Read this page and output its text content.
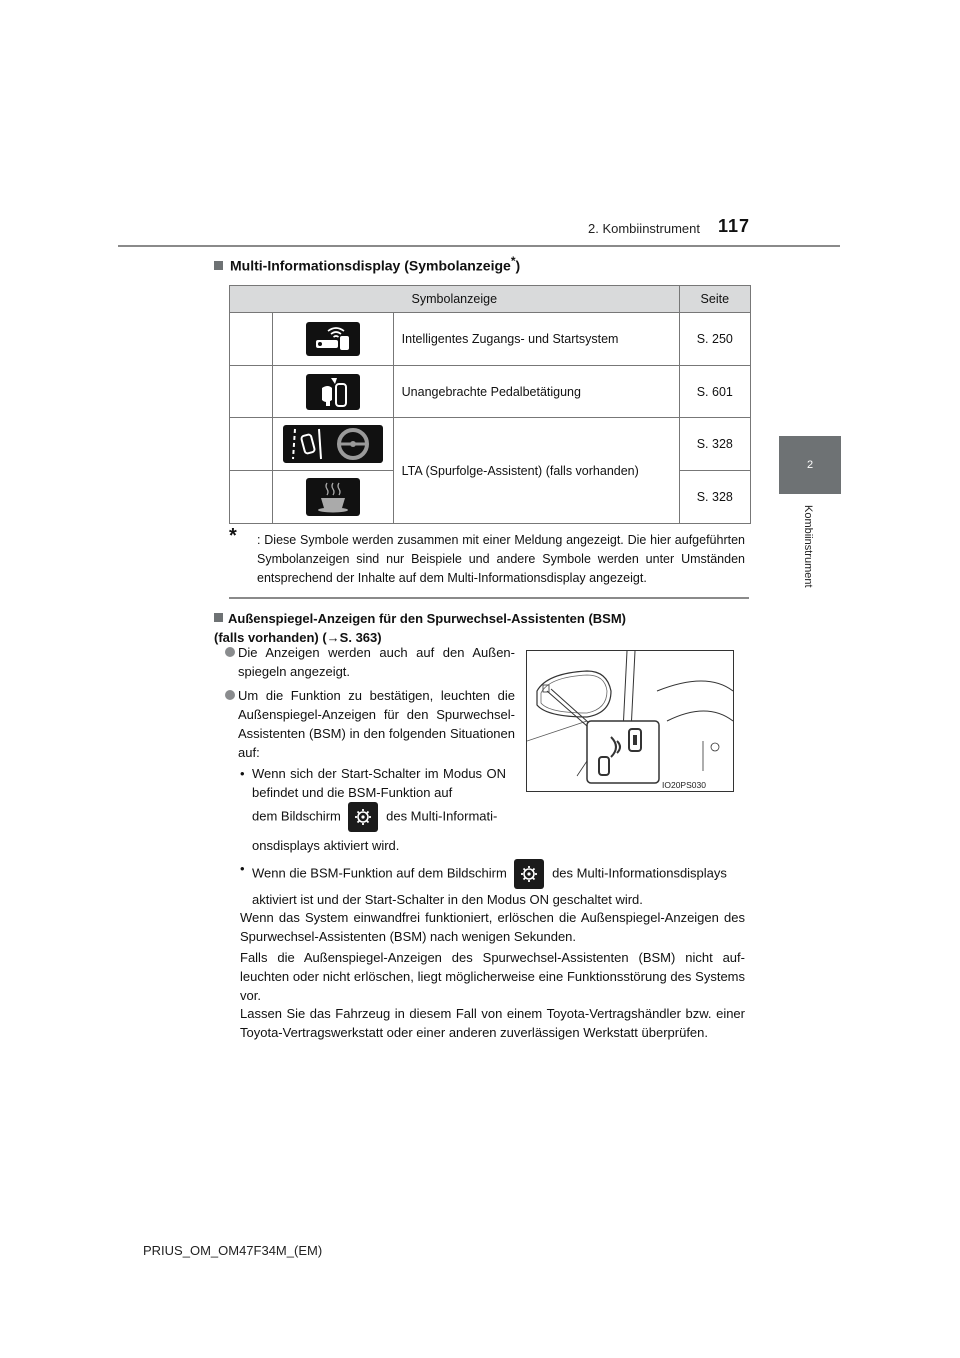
2. Kombiinstrument 117
2
Kombiinstrument
Multi-Informationsdisplay (Symbolanzeige*)
Symbolanzeige			Seite
		Intelligentes Zugangs- und Startsystem	S. 250
		Unangebrachte Pedalbetätigung	S. 601
		LTA (Spurfolge-Assistent) (falls vorhanden)	S. 328
		S. 328
*	: Diese Symbole werden zusammen mit einer Meldung angezeigt. Die hier aufgeführten Symbolanzeigen sind nur Beispiele und andere Symbole werden unter Umständen entsprechend der Inhalte auf dem Multi-Informationsdisplay angezeigt.
Außenspiegel-Anzeigen für den Spurwechsel-Assistenten (BSM)
(falls vorhanden) (→S. 363)
Die Anzeigen werden auch auf den Außenspiegeln angezeigt.
Um die Funktion zu bestätigen, leuchten die Außenspiegel-Anzeigen für den Spurwechsel-Assistenten (BSM) in den folgenden Situationen auf:
• Wenn sich der Start-Schalter im Modus ON befindet und die BSM-Funktion auf
dem Bildschirm	des Multi-Informati-
onsdisplays aktiviert wird.
• Wenn die BSM-Funktion auf dem Bildschirm	des Multi-Informationsdisplays
aktiviert ist und der Start-Schalter in den Modus ON geschaltet wird.
Wenn das System einwandfrei funktioniert, erlöschen die Außenspiegel-Anzeigen des Spurwechsel-Assistenten (BSM) nach wenigen Sekunden.
Falls die Außenspiegel-Anzeigen des Spurwechsel-Assistenten (BSM) nicht aufleuchten oder nicht erlöschen, liegt möglicherweise eine Funktionsstörung des Systems vor.
Lassen Sie das Fahrzeug in diesem Fall von einem Toyota-Vertragshändler bzw. einer Toyota-Vertragswerkstatt oder einer anderen zuverlässigen Werkstatt überprüfen.
IO20PS030
PRIUS_OM_OM47F34M_(EM)
